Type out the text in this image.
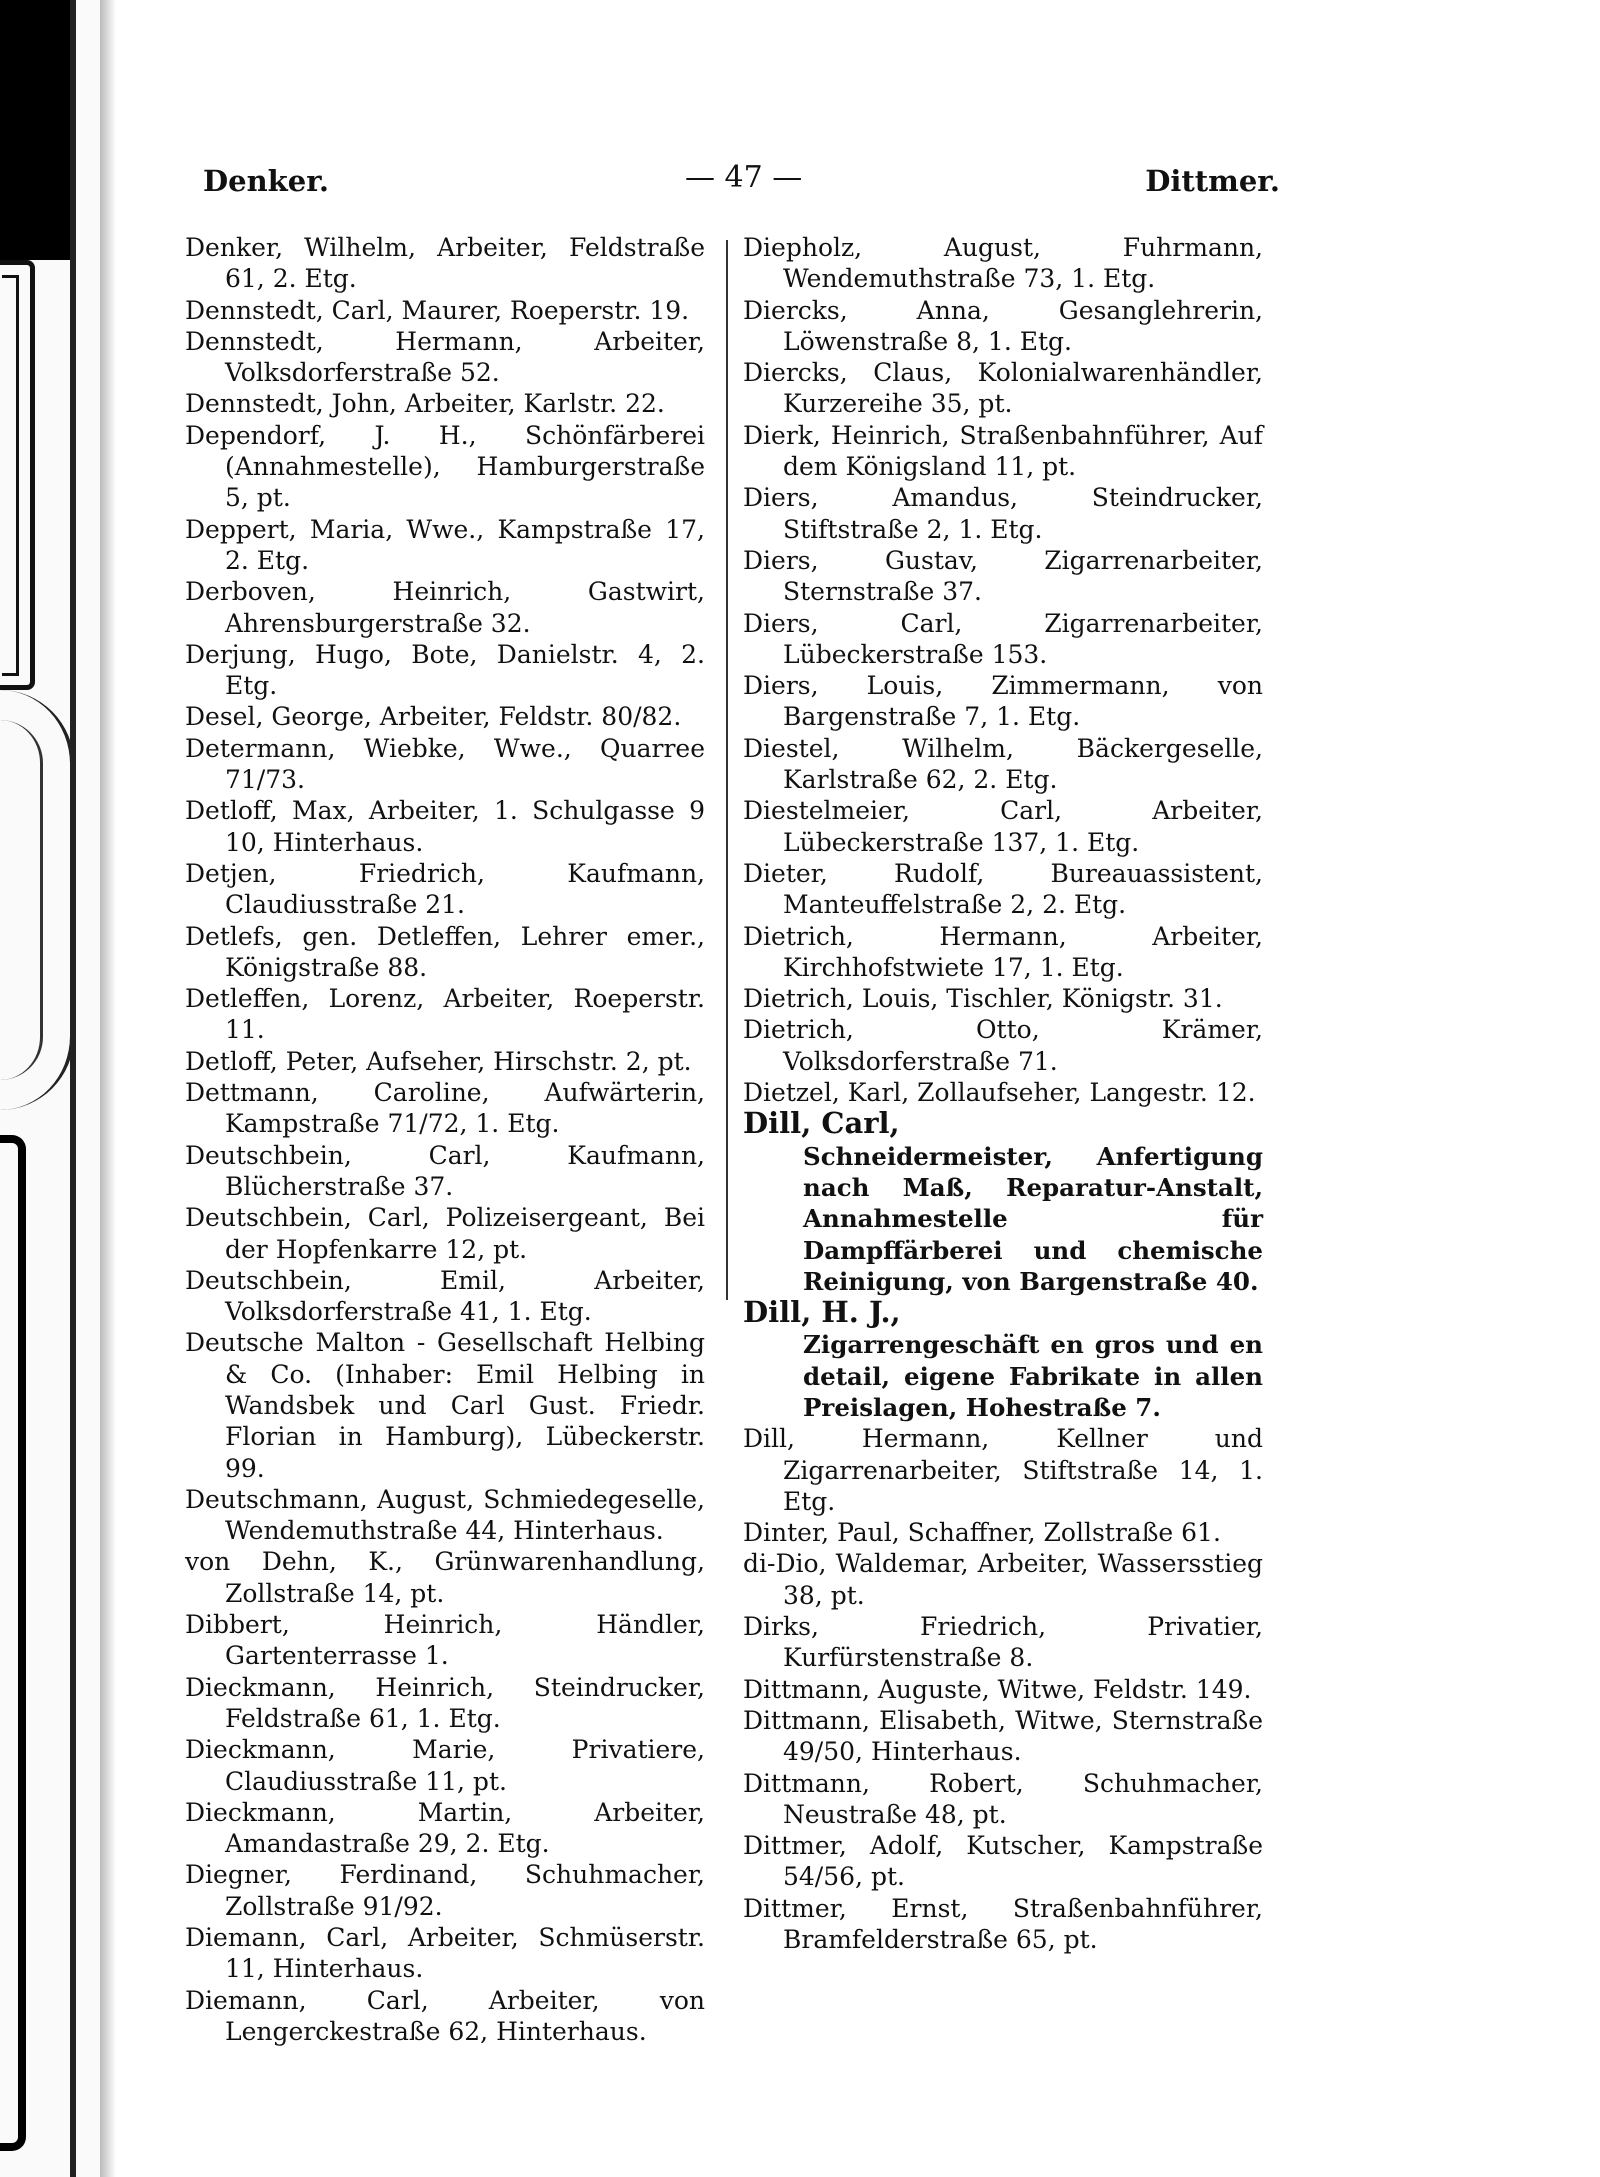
Denker.	— 47 —	Dittmer.

Denker, Wilhelm, Arbeiter, Feldstraße 61, 2. Etg.

Dennstedt, Carl, Maurer, Roeperstr. 19.

Dennstedt, Hermann, Arbeiter, Volksdorferstraße 52.

Dennstedt, John, Arbeiter, Karlstr. 22.

Dependorf, J. H., Schönfärberei (Annahmestelle), Hamburgerstraße 5, pt.

Deppert, Maria, Wwe., Kampstraße 17, 2. Etg.

Derboven, Heinrich, Gastwirt, Ahrensburgerstraße 32.

Derjung, Hugo, Bote, Danielstr. 4, 2. Etg.

Desel, George, Arbeiter, Feldstr. 80/82.

Determann, Wiebke, Wwe., Quarree 71/73.

Detloff, Max, Arbeiter, 1. Schulgasse 9 10, Hinterhaus.

Detjen, Friedrich, Kaufmann, Claudiusstraße 21.

Detlefs, gen. Detleffen, Lehrer emer., Königstraße 88.

Detleffen, Lorenz, Arbeiter, Roeperstr. 11.

Detloff, Peter, Aufseher, Hirschstr. 2, pt.

Dettmann, Caroline, Aufwärterin, Kampstraße 71/72, 1. Etg.

Deutschbein, Carl, Kaufmann, Blücherstraße 37.

Deutschbein, Carl, Polizeisergeant, Bei der Hopfenkarre 12, pt.

Deutschbein, Emil, Arbeiter, Volksdorferstraße 41, 1. Etg.

Deutsche Malton - Gesellschaft Helbing & Co. (Inhaber: Emil Helbing in Wandsbek und Carl Gust. Friedr. Florian in Hamburg), Lübeckerstr. 99.

Deutschmann, August, Schmiedegeselle, Wendemuthstraße 44, Hinterhaus.

von Dehn, K., Grünwarenhandlung, Zollstraße 14, pt.

Dibbert, Heinrich, Händler, Gartenterrasse 1.

Dieckmann, Heinrich, Steindrucker, Feldstraße 61, 1. Etg.

Dieckmann, Marie, Privatiere, Claudiusstraße 11, pt.

Dieckmann, Martin, Arbeiter, Amandastraße 29, 2. Etg.

Diegner, Ferdinand, Schuhmacher, Zollstraße 91/92.

Diemann, Carl, Arbeiter, Schmüserstr. 11, Hinterhaus.

Diemann, Carl, Arbeiter, von Lengerckestraße 62, Hinterhaus.

Diepholz, August, Fuhrmann, Wendemuthstraße 73, 1. Etg.

Diercks, Anna, Gesanglehrerin, Löwenstraße 8, 1. Etg.

Diercks, Claus, Kolonialwarenhändler, Kurzereihe 35, pt.

Dierk, Heinrich, Straßenbahnführer, Auf dem Königsland 11, pt.

Diers, Amandus, Steindrucker, Stiftstraße 2, 1. Etg.

Diers, Gustav, Zigarrenarbeiter, Sternstraße 37.

Diers, Carl, Zigarrenarbeiter, Lübeckerstraße 153.

Diers, Louis, Zimmermann, von Bargenstraße 7, 1. Etg.

Diestel, Wilhelm, Bäckergeselle, Karlstraße 62, 2. Etg.

Diestelmeier, Carl, Arbeiter, Lübeckerstraße 137, 1. Etg.

Dieter, Rudolf, Bureauassistent, Manteuffelstraße 2, 2. Etg.

Dietrich, Hermann, Arbeiter, Kirchhofstwiete 17, 1. Etg.

Dietrich, Louis, Tischler, Königstr. 31.

Dietrich, Otto, Krämer, Volksdorferstraße 71.

Dietzel, Karl, Zollaufseher, Langestr. 12.

Dill, Carl,
Schneidermeister, Anfertigung nach Maß, Reparatur-Anstalt, Annahmestelle für Dampffärberei und chemische Reinigung, von Bargenstraße 40.

Dill, H. J.,
Zigarrengeschäft en gros und en detail, eigene Fabrikate in allen Preislagen, Hohestraße 7.

Dill, Hermann, Kellner und Zigarrenarbeiter, Stiftstraße 14, 1. Etg.

Dinter, Paul, Schaffner, Zollstraße 61.

di-Dio, Waldemar, Arbeiter, Wassersstieg 38, pt.

Dirks, Friedrich, Privatier, Kurfürstenstraße 8.

Dittmann, Auguste, Witwe, Feldstr. 149.

Dittmann, Elisabeth, Witwe, Sternstraße 49/50, Hinterhaus.

Dittmann, Robert, Schuhmacher, Neustraße 48, pt.

Dittmer, Adolf, Kutscher, Kampstraße 54/56, pt.

Dittmer, Ernst, Straßenbahnführer, Bramfelderstraße 65, pt.
